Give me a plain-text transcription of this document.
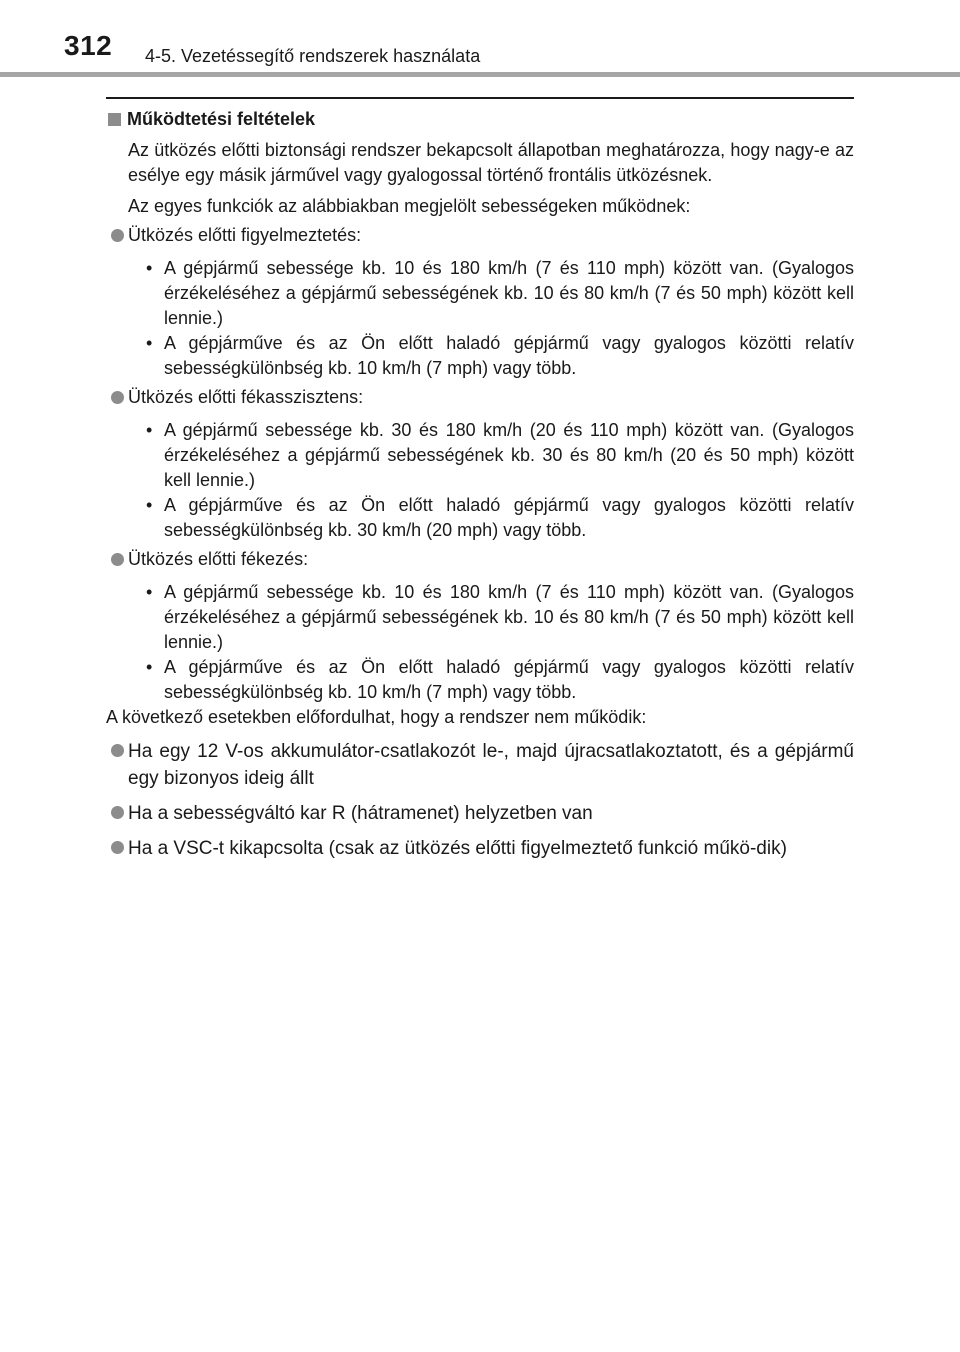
312 4-5. Vezetéssegítő rendszerek használata
Működtetési feltételek

Az ütközés előtti biztonsági rendszer bekapcsolt állapotban meghatározza, hogy nagy-e az esélye egy másik járművel vagy gyalogossal történő frontális ütközésnek.

Az egyes funkciók az alábbiakban megjelölt sebességeken működnek:

Ütközés előtti figyelmeztetés:
• A gépjármű sebessége kb. 10 és 180 km/h (7 és 110 mph) között van. (Gyalogos érzékeléséhez a gépjármű sebességének kb. 10 és 80 km/h (7 és 50 mph) között kell lennie.)
• A gépjárművе és az Ön előtt haladó gépjármű vagy gyalogos közötti relatív sebességkülönbség kb. 10 km/h (7 mph) vagy több.
Ütközés előtti fékasszisztens:
• A gépjármű sebessége kb. 30 és 180 km/h (20 és 110 mph) között van. (Gyalogos érzékeléséhez a gépjármű sebességének kb. 30 és 80 km/h (20 és 50 mph) között kell lennie.)
• A gépjárművе és az Ön előtt haladó gépjármű vagy gyalogos közötti relatív sebességkülönbség kb. 30 km/h (20 mph) vagy több.
Ütközés előtti fékezés:
• A gépjármű sebessége kb. 10 és 180 km/h (7 és 110 mph) között van. (Gyalogos érzékeléséhez a gépjármű sebességének kb. 10 és 80 km/h (7 és 50 mph) között kell lennie.)
• A gépjárművе és az Ön előtt haladó gépjármű vagy gyalogos közötti relatív sebességkülönbség kb. 10 km/h (7 mph) vagy több.
A következő esetekben előfordulhat, hogy a rendszer nem működik:
Ha egy 12 V-os akkumulátor-csatlakozót le-, majd újracsatlakoztatott, és a gépjármű egy bizonyos ideig állt
Ha a sebességváltó kar R (hátramenet) helyzetben van
Ha a VSC-t kikapcsolta (csak az ütközés előtti figyelmeztető funkció műkö-dik)
